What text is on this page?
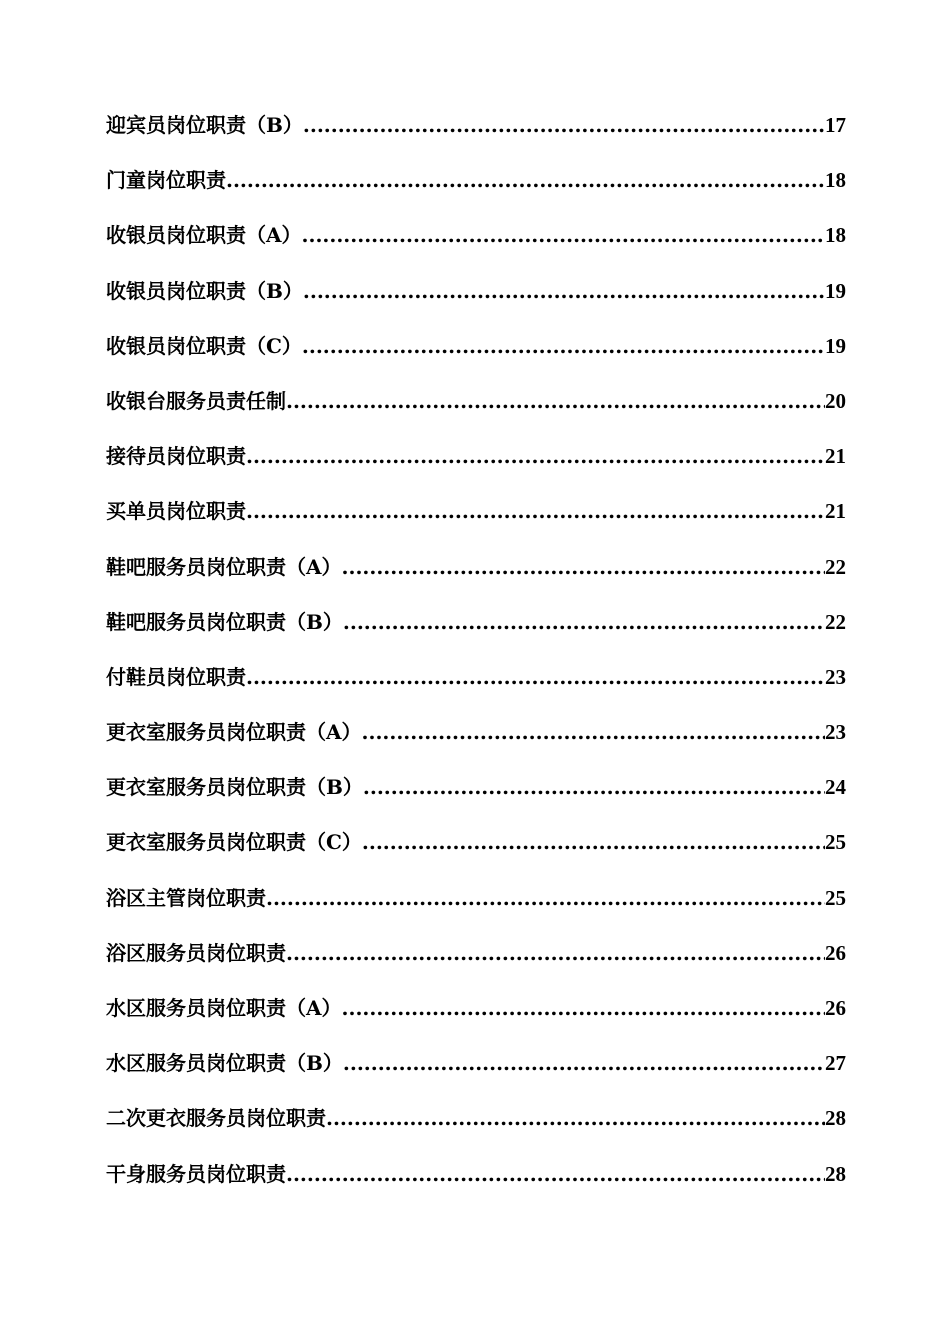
迎宾员岗位职责（B） .....	17
门童岗位职责 .....	18
收银员岗位职责（A） .....	18
收银员岗位职责（B） .....	19
收银员岗位职责（C） .....	19
收银台服务员责任制 .....	20
接待员岗位职责 .....	21
买单员岗位职责 .....	21
鞋吧服务员岗位职责（A） .....	22
鞋吧服务员岗位职责（B） .....	22
付鞋员岗位职责 .....	23
更衣室服务员岗位职责（A） .....	23
更衣室服务员岗位职责（B） .....	24
更衣室服务员岗位职责（C） .....	25
浴区主管岗位职责 .....	25
浴区服务员岗位职责 .....	26
水区服务员岗位职责（A） .....	26
水区服务员岗位职责（B） .....	27
二次更衣服务员岗位职责 .....	28
干身服务员岗位职责 .....	28
